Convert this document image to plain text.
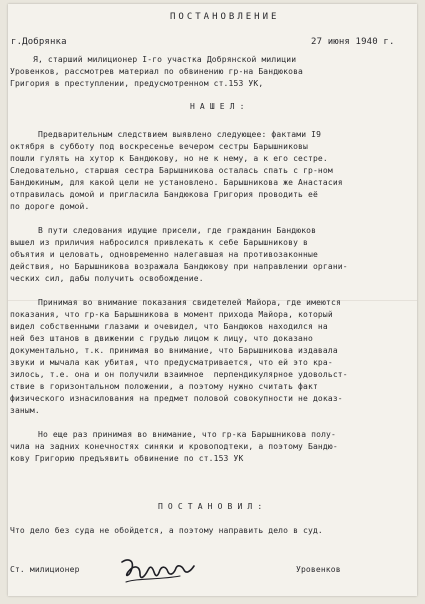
ПОСТАНОВЛЕНИЕ
г.Добрянка	27 июня 1940 г.
Я, старший милиционер I-го участка Добрянской милиции
Уровенков, рассмотрев материал по обвинению гр-на Бандюкова
Григория в преступлении, предусмотренном ст.153 УК,
Н А Ш Е Л :
Предварительным следствием выявлено следующее: фактами I9
октября в субботу под воскресенье вечером сестры Барышниковы
пошли гулять на хутор к Бандюкову, но не к нему, а к его сестре.
Следовательно, старшая сестра Барышникова осталась спать с гр-ном
Бандюкиным, для какой цели не установлено. Барышникова же Анастасия
отправилась домой и пригласила Бандюкова Григория проводить её
по дороге домой.
В пути следования идущие присели, где гражданин Бандюков
вышел из приличия набросился привлекать к себе Барышникову в
объятия и целовать, одновременно налегавшая на противозаконные
действия, но Барышникова возражала Бандюкову при направлении органи-
ческих сил, дабы получить освобождение.
Принимая во внимание показания свидетелей Майора, где имеются
показания, что гр-ка Барышникова в момент прихода Майора, который
видел собственными глазами и очевидел, что Бандюков находился на
ней без штанов в движении с грудью лицом к лицу, что доказано
документально, т.к. принимая во внимание, что Барышникова издавала
звуки и мычала как убитая, что предусматривается, что ей это кра-
зилось, т.е. она и он получили взаимное  перпендикулярное удовольст-
ствие в горизонтальном положении, а поэтому нужно считать факт
физического изнасилования на предмет половой совокупности не доказ-
заным.
Но еще раз принимая во внимание, что гр-ка Барышникова полу-
чила на задних конечностях синяки и кровоподтеки, а поэтому Бандю-
кову Григорию предъявить обвинение по ст.153 УК
П О С Т А Н О В И Л :
Что дело без суда не обойдется, а поэтому направить дело в суд.
Ст. милиционер	Уровенков
